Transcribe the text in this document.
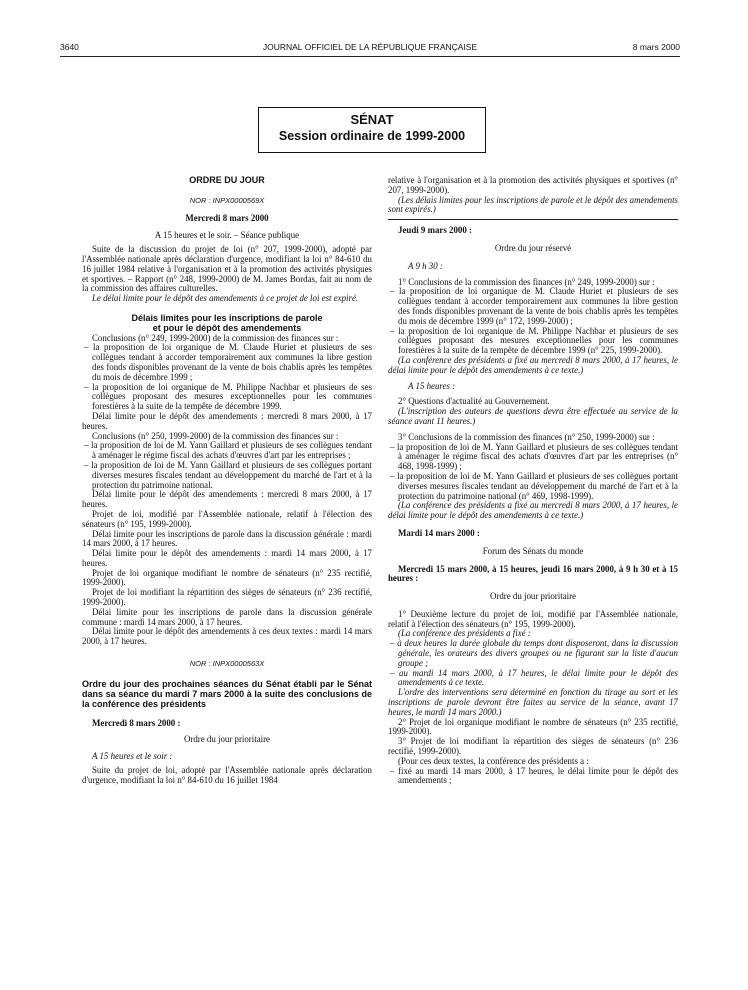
3640	JOURNAL OFFICIEL DE LA RÉPUBLIQUE FRANÇAISE	8 mars 2000
SÉNAT
Session ordinaire de 1999-2000

ORDRE DU JOUR

NOR : INPX0000569X

Mercredi 8 mars 2000

A 15 heures et le soir. – Séance publique

Suite de la discussion du projet de loi (n° 207, 1999-2000), adopté par l'Assemblée nationale après déclaration d'urgence, modifiant la loi n° 84-610 du 16 juillet 1984 relative à l'organisation et à la promotion des activités physiques et sportives. – Rapport (n° 248, 1999-2000) de M. James Bordas, fait au nom de la commission des affaires culturelles.

Le délai limite pour le dépôt des amendements à ce projet de loi est expiré.

Délais limites pour les inscriptions de parole

et pour le dépôt des amendements

Conclusions (n° 249, 1999-2000) de la commission des finances sur :

– la proposition de loi organique de M. Claude Huriet et plusieurs de ses collègues tendant à accorder temporairement aux communes la libre gestion des fonds disponibles provenant de la vente de bois chablis après les tempêtes du mois de décembre 1999 ;

– la proposition de loi organique de M. Philippe Nachbar et plusieurs de ses collègues proposant des mesures exceptionnelles pour les communes forestières à la suite de la tempête de décembre 1999.

Délai limite pour le dépôt des amendements : mercredi 8 mars 2000, à 17 heures.

Conclusions (n° 250, 1999-2000) de la commission des finances sur :

– la proposition de loi de M. Yann Gaillard et plusieurs de ses collègues tendant à aménager le régime fiscal des achats d'œuvres d'art par les entreprises ;

– la proposition de loi de M. Yann Gaillard et plusieurs de ses collègues portant diverses mesures fiscales tendant au développement du marché de l'art et à la protection du patrimoine national.

Délai limite pour le dépôt des amendements : mercredi 8 mars 2000, à 17 heures.

Projet de loi, modifié par l'Assemblée nationale, relatif à l'élection des sénateurs (n° 195, 1999-2000).

Délai limite pour les inscriptions de parole dans la discussion générale : mardi 14 mars 2000, à 17 heures.

Délai limite pour le dépôt des amendements : mardi 14 mars 2000, à 17 heures.

Projet de loi organique modifiant le nombre de sénateurs (n° 235 rectifié, 1999-2000).

Projet de loi modifiant la répartition des sièges de sénateurs (n° 236 rectifié, 1999-2000).

Délai limite pour les inscriptions de parole dans la discussion générale commune : mardi 14 mars 2000, à 17 heures.

Délai limite pour le dépôt des amendements à ces deux textes : mardi 14 mars 2000, à 17 heures.

NOR : INPX0000563X

Ordre du jour des prochaines séances du Sénat établi par le Sénat dans sa séance du mardi 7 mars 2000 à la suite des conclusions de la conférence des présidents

Mercredi 8 mars 2000 :

Ordre du jour prioritaire

A 15 heures et le soir :

Suite du projet de loi, adopté par l'Assemblée nationale après déclaration d'urgence, modifiant la loi n° 84-610 du 16 juillet 1984

relative à l'organisation et à la promotion des activités physiques et sportives (n° 207, 1999-2000).

(Les délais limites pour les inscriptions de parole et le dépôt des amendements sont expirés.)

Jeudi 9 mars 2000 :

Ordre du jour réservé

A 9 h 30 :

1° Conclusions de la commission des finances (n° 249, 1999-2000) sur :

– la proposition de loi organique de M. Claude Huriet et plusieurs de ses collègues tendant à accorder temporairement aux communes la libre gestion des fonds disponibles provenant de la vente de bois chablis après les tempêtes du mois de décembre 1999 (n° 172, 1999-2000) ;

– la proposition de loi organique de M. Philippe Nachbar et plusieurs de ses collègues proposant des mesures exceptionnelles pour les communes forestières à la suite de la tempête de décembre 1999 (n° 225, 1999-2000).

(La conférence des présidents a fixé au mercredi 8 mars 2000, à 17 heures, le délai limite pour le dépôt des amendements à ce texte.)

A 15 heures :

2° Questions d'actualité au Gouvernement.

(L'inscription des auteurs de questions devra être effectuée au service de la séance avant 11 heures.)

3° Conclusions de la commission des finances (n° 250, 1999-2000) sur :

– la proposition de loi de M. Yann Gaillard et plusieurs de ses collègues tendant à aménager le régime fiscal des achats d'œuvres d'art par les entreprises (n° 468, 1998-1999) ;

– la proposition de loi de M. Yann Gaillard et plusieurs de ses collègues portant diverses mesures fiscales tendant au développement du marché de l'art et à la protection du patrimoine national (n° 469, 1998-1999).

(La conférence des présidents a fixé au mercredi 8 mars 2000, à 17 heures, le délai limite pour le dépôt des amendements à ce texte.)

Mardi 14 mars 2000 :

Forum des Sénats du monde

Mercredi 15 mars 2000, à 15 heures, jeudi 16 mars 2000, à 9 h 30 et à 15 heures :

Ordre du jour prioritaire

1° Deuxième lecture du projet de loi, modifié par l'Assemblée nationale, relatif à l'élection des sénateurs (n° 195, 1999-2000).

(La conférence des présidents a fixé :

– à deux heures la durée globale du temps dont disposeront, dans la discussion générale, les orateurs des divers groupes ou ne figurant sur la liste d'aucun groupe ;

– au mardi 14 mars 2000, à 17 heures, le délai limite pour le dépôt des amendements à ce texte.

L'ordre des interventions sera déterminé en fonction du tirage au sort et les inscriptions de parole devront être faites au service de la séance, avant 17 heures, le mardi 14 mars 2000.)

2° Projet de loi organique modifiant le nombre de sénateurs (n° 235 rectifié, 1999-2000).

3° Projet de loi modifiant la répartition des sièges de sénateurs (n° 236 rectifié, 1999-2000).

(Pour ces deux textes, la conférence des présidents a :

– fixé au mardi 14 mars 2000, à 17 heures, le délai limite pour le dépôt des amendements ;
